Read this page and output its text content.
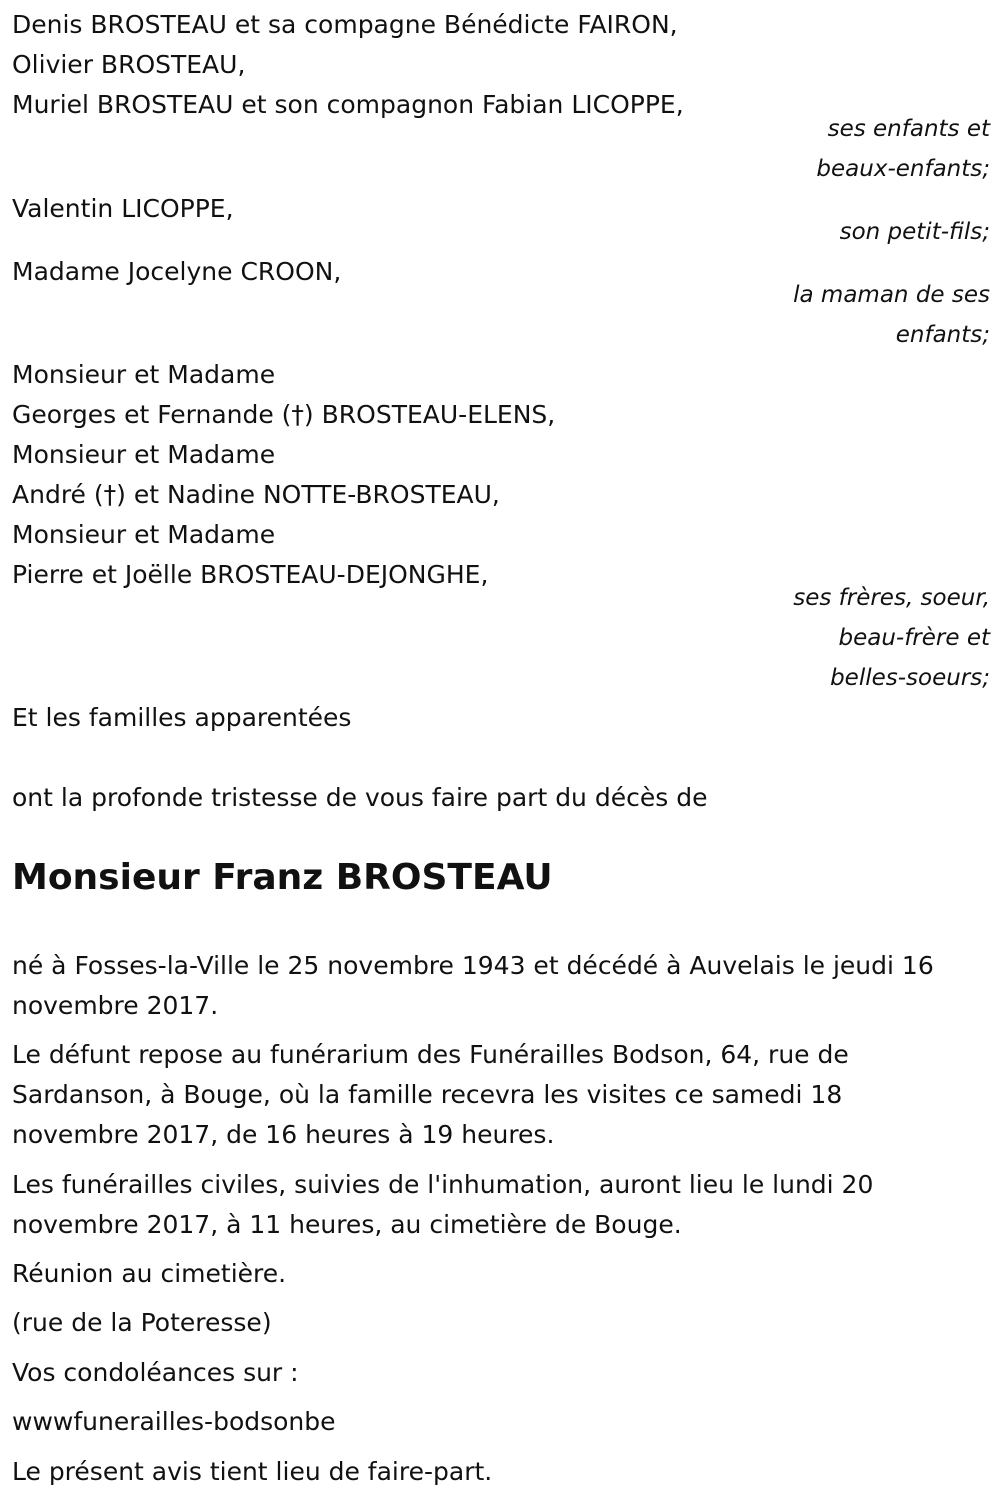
Denis BROSTEAU et sa compagne Bénédicte FAIRON,
Olivier BROSTEAU,
Muriel BROSTEAU et son compagnon Fabian LICOPPE,
ses enfants et
beaux-enfants;
Valentin LICOPPE,
son petit-fils;
Madame Jocelyne CROON,
la maman de ses
enfants;
Monsieur et Madame
Georges et Fernande (†) BROSTEAU-ELENS,
Monsieur et Madame
André (†) et Nadine NOTTE-BROSTEAU,
Monsieur et Madame
Pierre et Joëlle BROSTEAU-DEJONGHE,
ses frères, soeur,
beau-frère et
belles-soeurs;
Et les familles apparentées
ont la profonde tristesse de vous faire part du décès de
Monsieur Franz BROSTEAU
né à Fosses-la-Ville le 25 novembre 1943 et décédé à Auvelais le jeudi 16
novembre 2017.
Le défunt repose au funérarium des Funérailles Bodson, 64, rue de
Sardanson, à Bouge, où la famille recevra les visites ce samedi 18
novembre 2017, de 16 heures à 19 heures.
Les funérailles civiles, suivies de l'inhumation, auront lieu le lundi 20
novembre 2017, à 11 heures, au cimetière de Bouge.
Réunion au cimetière.
(rue de la Poteresse)
Vos condoléances sur :
wwwfunerailles-bodsonbe
Le présent avis tient lieu de faire-part.
